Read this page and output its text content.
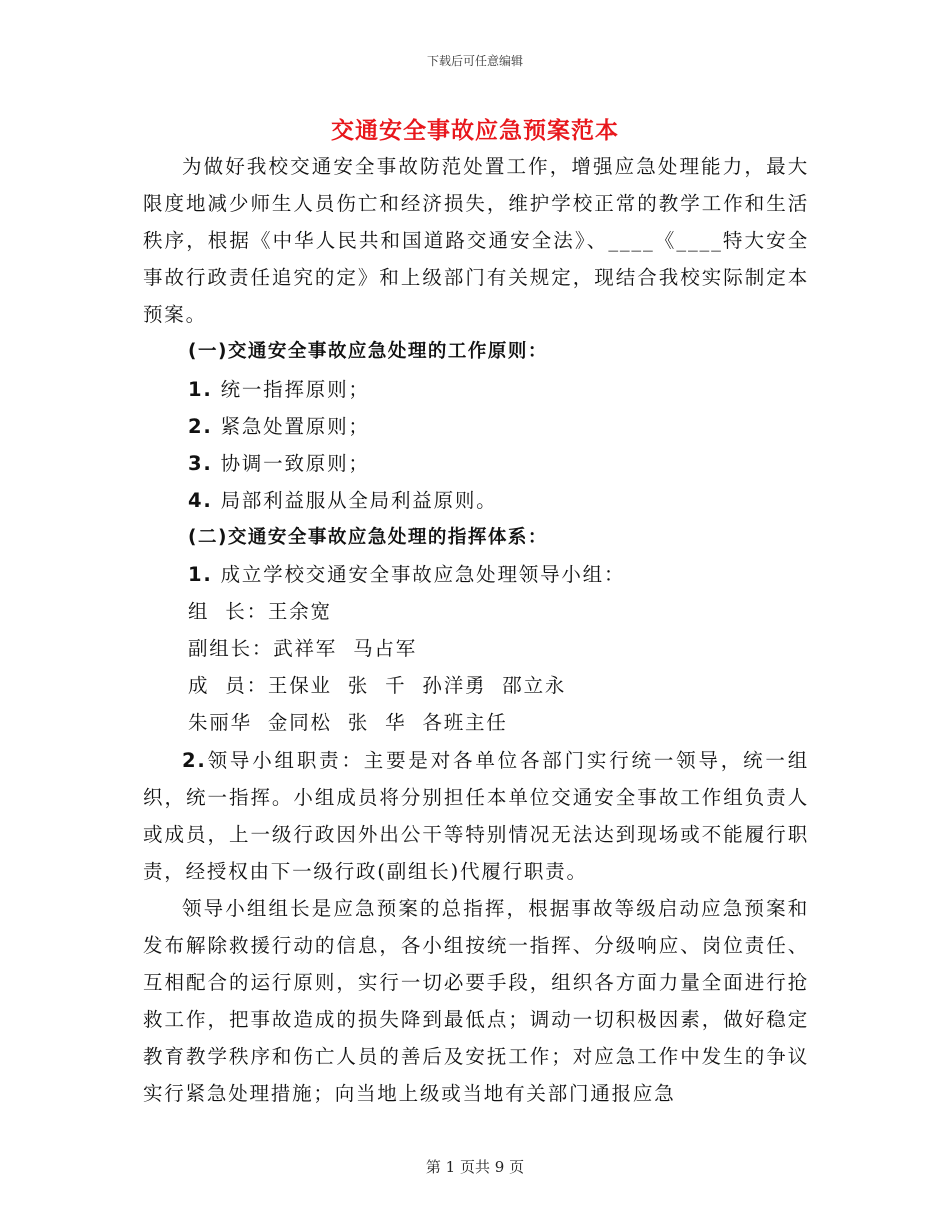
下载后可任意编辑
交通安全事故应急预案范本

为做好我校交通安全事故防范处置工作，增强应急处理能力，最大限度地减少师生人员伤亡和经济损失，维护学校正常的教学工作和生活秩序，根据《中华人民共和国道路交通安全法》、____《____特大安全事故行政责任追究的定》和上级部门有关规定，现结合我校实际制定本预案。

(一)交通安全事故应急处理的工作原则：

1. 统一指挥原则；

2. 紧急处置原则；

3. 协调一致原则；

4. 局部利益服从全局利益原则。

(二)交通安全事故应急处理的指挥体系：

1. 成立学校交通安全事故应急处理领导小组：

组  长：王余宽

副组长：武祥军  马占军

成  员：王保业  张  千  孙洋勇  邵立永

朱丽华  金同松  张  华  各班主任

2.领导小组职责：主要是对各单位各部门实行统一领导，统一组织，统一指挥。小组成员将分别担任本单位交通安全事故工作组负责人或成员，上一级行政因外出公干等特别情况无法达到现场或不能履行职责，经授权由下一级行政(副组长)代履行职责。

领导小组组长是应急预案的总指挥，根据事故等级启动应急预案和发布解除救援行动的信息，各小组按统一指挥、分级响应、岗位责任、互相配合的运行原则，实行一切必要手段，组织各方面力量全面进行抢救工作，把事故造成的损失降到最低点；调动一切积极因素，做好稳定教育教学秩序和伤亡人员的善后及安抚工作；对应急工作中发生的争议实行紧急处理措施；向当地上级或当地有关部门通报应急

第 1 页共 9 页
